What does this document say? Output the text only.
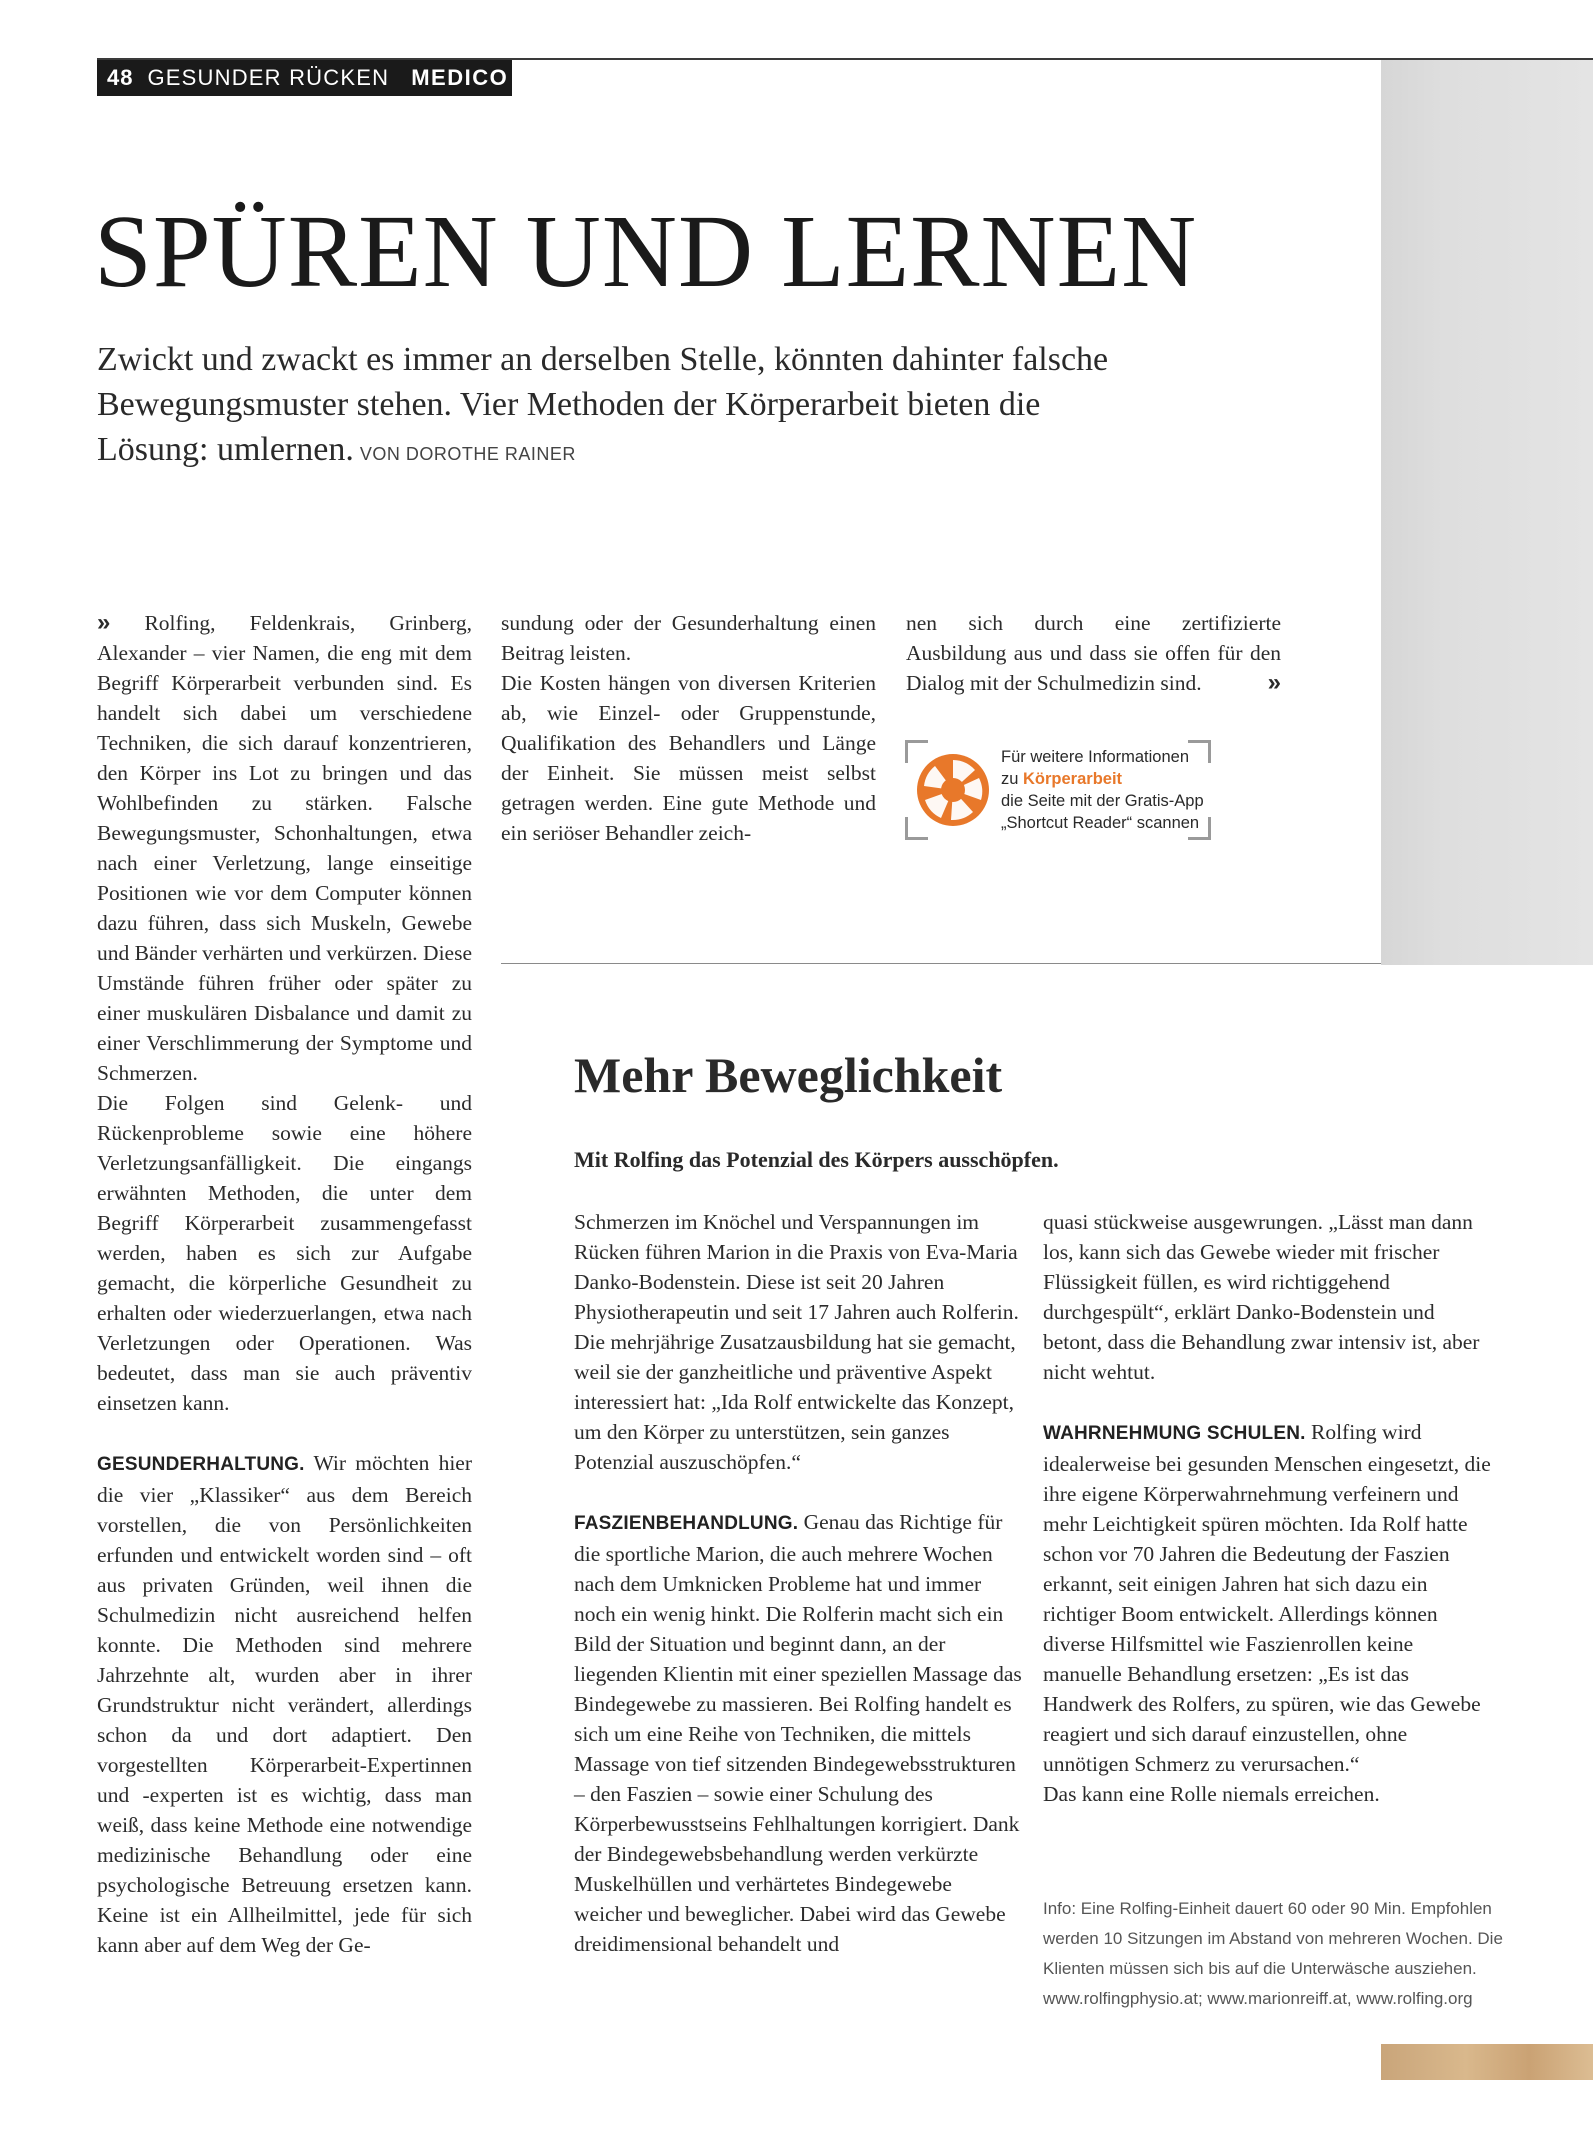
48 GESUNDER RÜCKEN MEDICO
SPÜREN UND LERNEN

Zwickt und zwackt es immer an derselben Stelle, könnten dahinter falsche Bewegungsmuster stehen. Vier Methoden der Körperarbeit bieten die Lösung: umlernen. VON DOROTHE RAINER

» Rolfing, Feldenkrais, Grinberg, Alexander – vier Namen, die eng mit dem Begriff Körperarbeit verbunden sind. Es handelt sich dabei um verschiedene Techniken, die sich darauf konzentrieren, den Körper ins Lot zu bringen und das Wohlbefinden zu stärken. Falsche Bewegungsmuster, Schonhaltungen, etwa nach einer Verletzung, lange einseitige Positionen wie vor dem Computer können dazu führen, dass sich Muskeln, Gewebe und Bänder verhärten und verkürzen. Diese Umstände führen früher oder später zu einer muskulären Disbalance und damit zu einer Verschlimmerung der Symptome und Schmerzen.

Die Folgen sind Gelenk- und Rückenprobleme sowie eine höhere Verletzungsanfälligkeit. Die eingangs erwähnten Methoden, die unter dem Begriff Körperarbeit zusammengefasst werden, haben es sich zur Aufgabe gemacht, die körperliche Gesundheit zu erhalten oder wiederzuerlangen, etwa nach Verletzungen oder Operationen. Was bedeutet, dass man sie auch präventiv einsetzen kann.

GESUNDERHALTUNG. Wir möchten hier die vier „Klassiker“ aus dem Bereich vorstellen, die von Persönlichkeiten erfunden und entwickelt worden sind – oft aus privaten Gründen, weil ihnen die Schulmedizin nicht ausreichend helfen konnte. Die Methoden sind mehrere Jahrzehnte alt, wurden aber in ihrer Grundstruktur nicht verändert, allerdings schon da und dort adaptiert. Den vorgestellten Körperarbeit-Expertinnen und -experten ist es wichtig, dass man weiß, dass keine Methode eine notwendige medizinische Behandlung oder eine psychologische Betreuung ersetzen kann. Keine ist ein Allheilmittel, jede für sich kann aber auf dem Weg der Ge-

sundung oder der Gesunderhaltung einen Beitrag leisten.

Die Kosten hängen von diversen Kriterien ab, wie Einzel- oder Gruppenstunde, Qualifikation des Behandlers und Länge der Einheit. Sie müssen meist selbst getragen werden. Eine gute Methode und ein seriöser Behandler zeich-

nen sich durch eine zertifizierte Ausbildung aus und dass sie offen für den Dialog mit der Schulmedizin sind.	»

Für weitere Informationen
zu Körperarbeit
die Seite mit der Gratis-App
„Shortcut Reader“ scannen
Mehr Beweglichkeit

Mit Rolfing das Potenzial des Körpers ausschöpfen.

Schmerzen im Knöchel und Verspannungen im Rücken führen Marion in die Praxis von Eva-Maria Danko-Bodenstein. Diese ist seit 20 Jahren Physiotherapeutin und seit 17 Jahren auch Rolferin. Die mehrjährige Zusatzausbildung hat sie gemacht, weil sie der ganzheitliche und präventive Aspekt interessiert hat: „Ida Rolf entwickelte das Konzept, um den Körper zu unterstützen, sein ganzes Potenzial auszuschöpfen.“

FASZIENBEHANDLUNG. Genau das Richtige für die sportliche Marion, die auch mehrere Wochen nach dem Umknicken Probleme hat und immer noch ein wenig hinkt. Die Rolferin macht sich ein Bild der Situation und beginnt dann, an der liegenden Klientin mit einer speziellen Massage das Bindegewebe zu massieren. Bei Rolfing handelt es sich um eine Reihe von Techniken, die mittels Massage von tief sitzenden Bindegewebsstrukturen – den Faszien – sowie einer Schulung des Körperbewusstseins Fehlhaltungen korrigiert. Dank der Bindegewebsbehandlung werden verkürzte Muskelhüllen und verhärtetes Bindegewebe weicher und beweglicher. Dabei wird das Gewebe dreidimensional behandelt und

quasi stückweise ausgewrungen. „Lässt man dann los, kann sich das Gewebe wieder mit frischer Flüssigkeit füllen, es wird richtiggehend durchgespült“, erklärt Danko-Bodenstein und betont, dass die Behandlung zwar intensiv ist, aber nicht wehtut.

WAHRNEHMUNG SCHULEN. Rolfing wird idealerweise bei gesunden Menschen eingesetzt, die ihre eigene Körperwahrnehmung verfeinern und mehr Leichtigkeit spüren möchten. Ida Rolf hatte schon vor 70 Jahren die Bedeutung der Faszien erkannt, seit einigen Jahren hat sich dazu ein richtiger Boom entwickelt. Allerdings können diverse Hilfsmittel wie Faszienrollen keine manuelle Behandlung ersetzen: „Es ist das Handwerk des Rolfers, zu spüren, wie das Gewebe reagiert und sich darauf einzustellen, ohne unnötigen Schmerz zu verursachen.“

Das kann eine Rolle niemals erreichen.

Info: Eine Rolfing-Einheit dauert 60 oder 90 Min. Empfohlen werden 10 Sitzungen im Abstand von mehreren Wochen. Die Klienten müssen sich bis auf die Unterwäsche ausziehen. www.rolfingphysio.at; www.marionreiff.at, www.rolfing.org
